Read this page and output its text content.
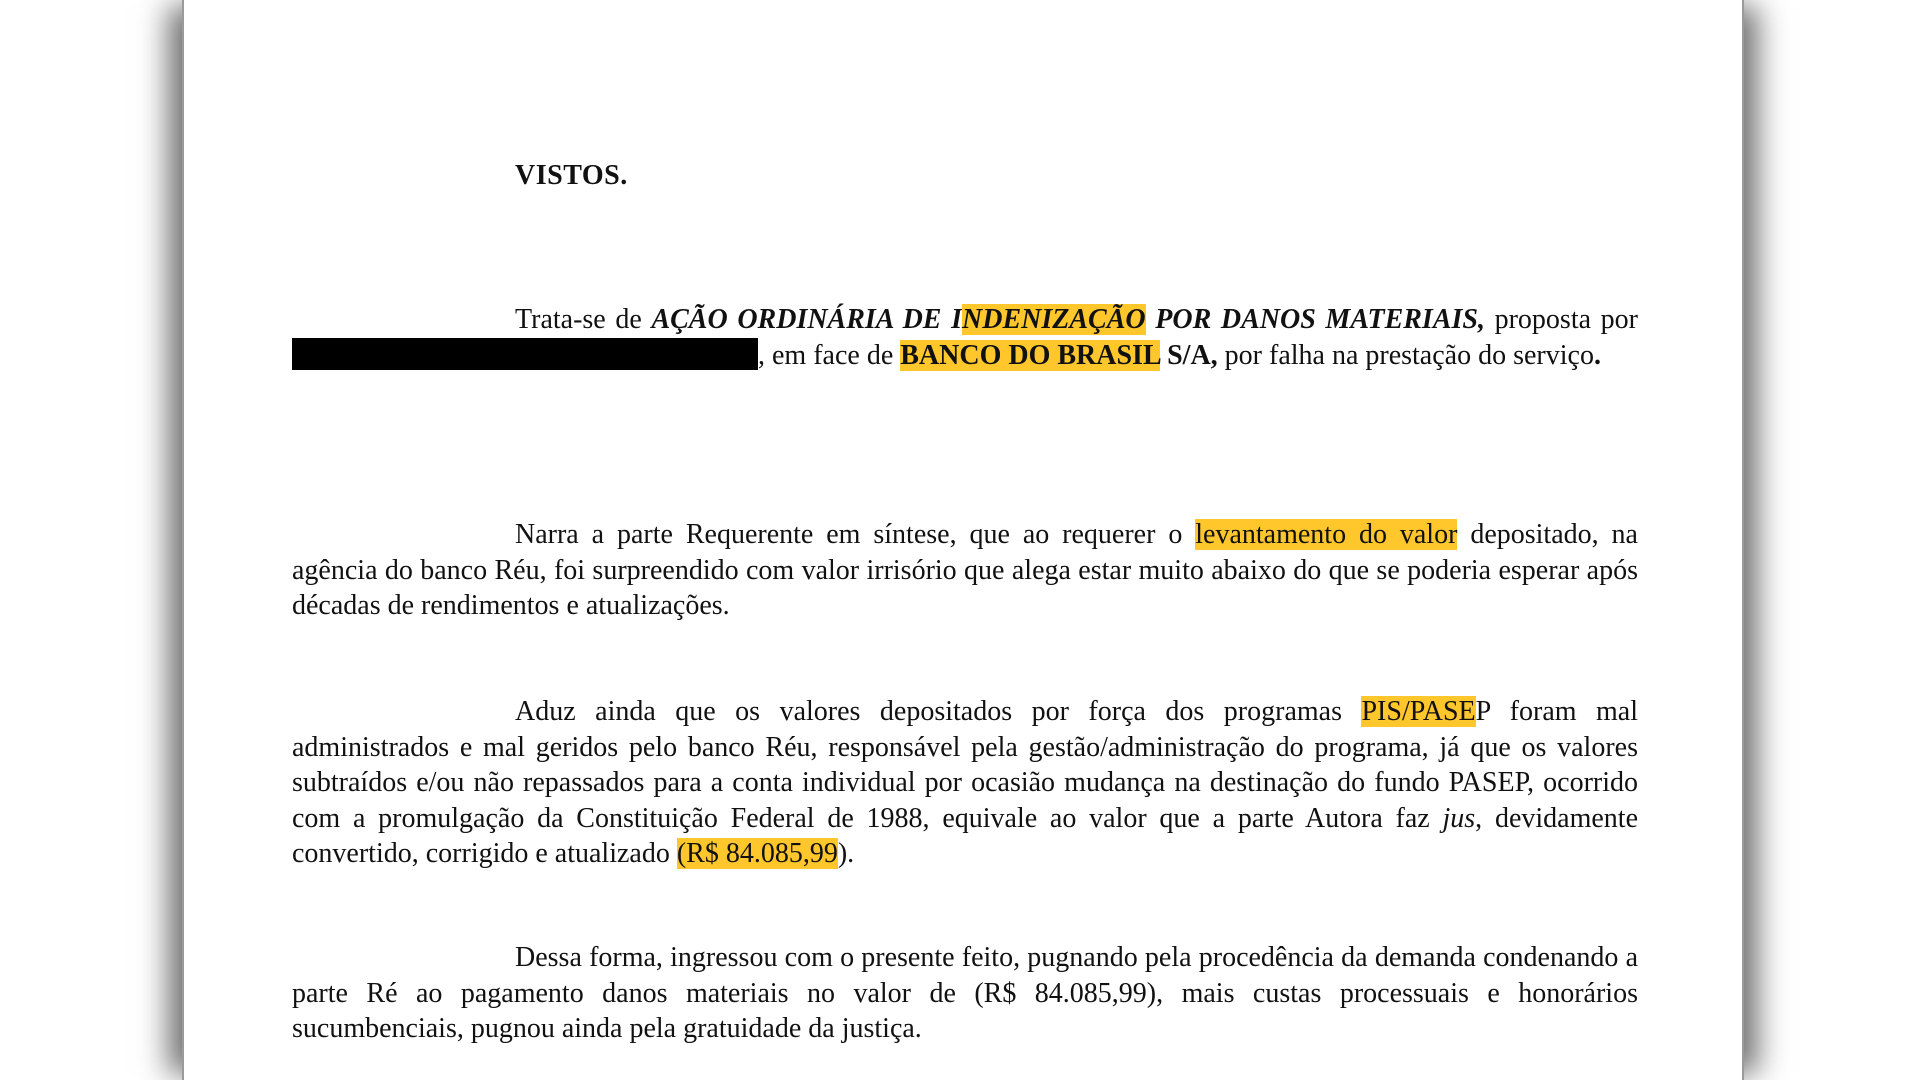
VISTOS.
Trata-se de AÇÃO ORDINÁRIA DE INDENIZAÇÃO POR DANOS MATERIAIS, proposta por , em face de BANCO DO BRASIL S/A, por falha na prestação do serviço.
Narra a parte Requerente em síntese, que ao requerer o levantamento do valor depositado, na agência do banco Réu, foi surpreendido com valor irrisório que alega estar muito abaixo do que se poderia esperar após décadas de rendimentos e atualizações.
Aduz ainda que os valores depositados por força dos programas PIS/PASEP foram mal administrados e mal geridos pelo banco Réu, responsável pela gestão/administração do programa, já que os valores subtraídos e/ou não repassados para a conta individual por ocasião mudança na destinação do fundo PASEP, ocorrido com a promulgação da Constituição Federal de 1988, equivale ao valor que a parte Autora faz jus, devidamente convertido, corrigido e atualizado (R$ 84.085,99).
Dessa forma, ingressou com o presente feito, pugnando pela procedência da demanda condenando a parte Ré ao pagamento danos materiais no valor de (R$ 84.085,99), mais custas processuais e honorários sucumbenciais, pugnou ainda pela gratuidade da justiça.
